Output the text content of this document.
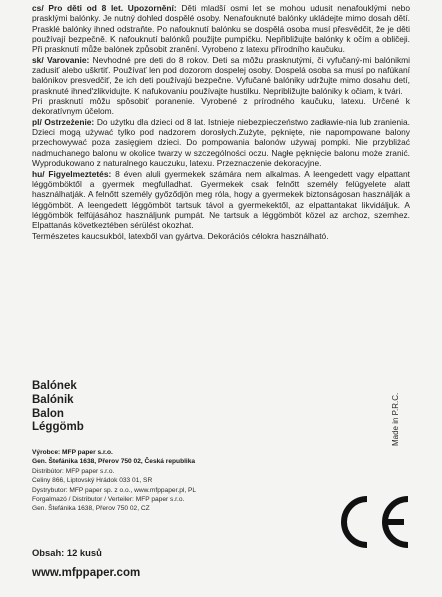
cs/ Pro děti od 8 let. Upozornění: Děti mladší osmi let se mohou udusit nenafouklými nebo prasklými balónky. Je nutný dohled dospělé osoby. Nenafouknuté balónky ukládejte mimo dosah dětí. Prasklé balónky ihned odstraňte. Po nafouknutí balónku se dospělá osoba musí přesvědčit, že je děti používají bezpečně. K nafouknutí balónků použijte pumpičku. Nepřibližujte balónky k očím a obličeji. Při prasknutí může balónek způsobit zranění. Vyrobeno z latexu přírodního kaučuku.

sk/ Varovanie: Nevhodné pre deti do 8 rokov. Deti sa môžu prasknutými, či vyfučaný-mi balónikmi zadusiť alebo uškrtiť. Používať len pod dozorom dospelej osoby. Dospelá osoba sa musí po nafúkaní balónikov presvedčiť, že ich deti používajú bezpečne. Vyfučané balóniky udržujte mimo dosahu detí, prasknuté ihned'zlikvidujte. K nafukovaniu používajte hustilku. Nepribližujte balóniky k očiam, k tvári.

Pri prasknutí môžu spôsobiť poranenie. Vyrobené z prírodného kaučuku, latexu. Určené k dekoratívnym účelom.

pl/ Ostrzeżenie: Do użytku dla dzieci od 8 lat. Istnieje niebezpieczeństwo zadławie-nia lub zranienia. Dzieci mogą używać tylko pod nadzorem dorosłych.Zużyte, pęknięte, nie napompowane balony przechowywać poza zasięgiem dzieci. Do pompowania balonów używaj pompki. Nie przybliżać nadmuchanego balonu w okolice twarzy w szczególności oczu. Nagłe pęknięcie balonu może zranić. Wyprodukowano z naturalnego kauczuku, latexu. Przeznaczenie dekoracyjne.

hu/ Figyelmeztetés: 8 éven aluli gyermekek számára nem alkalmas. A leengedett vagy elpattant léggömböktől a gyermek megfulladhat. Gyermekek csak felnőtt személy felügyelete alatt használhatják. A felnőtt személy győződjön meg róla, hogy a gyermekek biztonságosan használják a léggömböt. A leengedett léggömböt tartsuk távol a gyermekektől, az elpattantakat likvidáljuk. A léggömbök felfújásához használjunk pumpát. Ne tartsuk a léggömböt közel az archoz, szemhez. Elpattanás következtében sérülést okozhat.

Természetes kaucsukból, latexből van gyártva. Dekorációs célokra használható.

Balónek
Balónik
Balon
Léggömb	Made in P.R.C.
Výrobce: MFP paper s.r.o.
Gen. Štefánika 1638, Přerov 750 02, Česká republika
Distribútor: MFP paper s.r.o.
Celiny 866, Liptovský Hrádok 033 01, SR
Dystrybutor: MFP paper sp. z o.o., www.mfppaper.pl, PL
Forgalmazó / Distributor / Verteiler: MFP paper s.r.o.
Gen. Štefánika 1638, Přerov 750 02, CZ
Obsah: 12 kusů
www.mfppaper.com
